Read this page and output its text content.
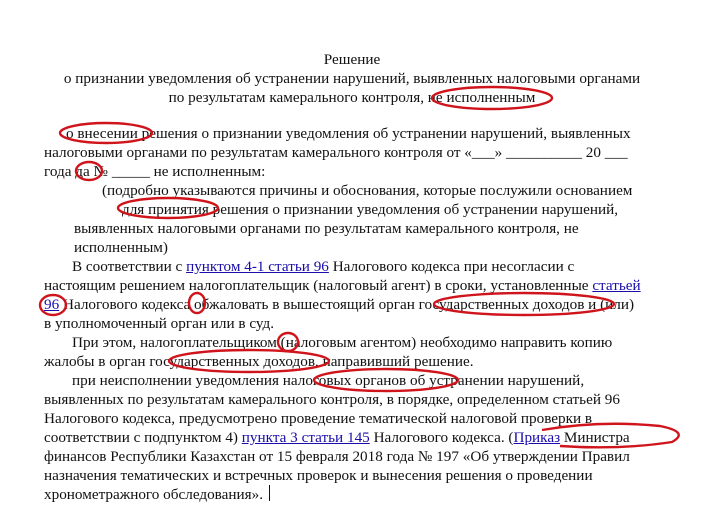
Решение
о признании уведомления об устранении нарушений, выявленных налоговыми органами
по результатам камерального контроля, не исполненным
о внесении решения о признании уведомления об устранении нарушений, выявленных
налоговыми органами по результатам камерального контроля от «___» __________ 20 ___
года да № _____ не исполненным:
(подробно указываются причины и обоснования, которые послужили основанием
для принятия решения о признании уведомления об устранении нарушений,
выявленных налоговыми органами по результатам камерального контроля, не
исполненным)
В соответствии с пунктом 4-1 статьи 96 Налогового кодекса при несогласии с
настоящим решением налогоплательщик (налоговый агент) в сроки, установленные статьей
96 Налогового кодекса обжаловать в вышестоящий орган государственных доходов и (или)
в уполномоченный орган или в суд.
При этом, налогоплательщиком (налоговым агентом) необходимо направить копию
жалобы в орган государственных доходов, направивший решение.
при неисполнении уведомления налоговых органов об устранении нарушений,
выявленных по результатам камерального контроля, в порядке, определенном статьей 96
Налогового кодекса, предусмотрено проведение тематической налоговой проверки в
соответствии с подпунктом 4) пункта 3 статьи 145 Налогового кодекса. (Приказ Министра
финансов Республики Казахстан от 15 февраля 2018 года № 197 «Об утверждении Правил
назначения тематических и встречных проверок и вынесения решения о проведении
хронометражного обследования».
